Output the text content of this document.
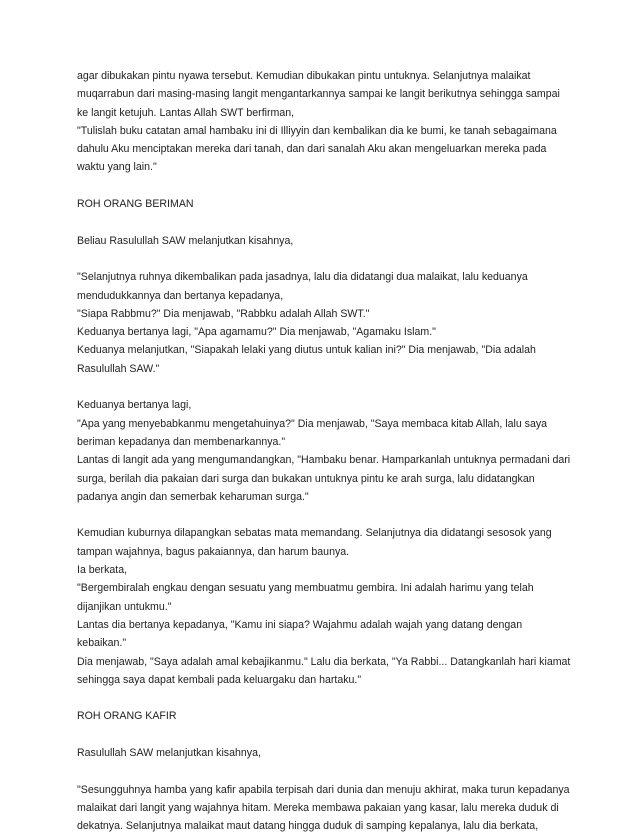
agar dibukakan pintu nyawa tersebut. Kemudian dibukakan pintu untuknya. Selanjutnya malaikat
muqarrabun dari masing-masing langit mengantarkannya sampai ke langit berikutnya sehingga sampai
ke langit ketujuh. Lantas Allah SWT berfirman,
"Tulislah buku catatan amal hambaku ini di Illiyyin dan kembalikan dia ke bumi, ke tanah sebagaimana
dahulu Aku menciptakan mereka dari tanah, dan dari sanalah Aku akan mengeluarkan mereka pada
waktu yang lain."
ROH ORANG BERIMAN
Beliau Rasulullah SAW melanjutkan kisahnya,
"Selanjutnya ruhnya dikembalikan pada jasadnya, lalu dia didatangi dua malaikat, lalu keduanya
mendudukkannya dan bertanya kepadanya,
"Siapa Rabbmu?" Dia menjawab, "Rabbku adalah Allah SWT."
Keduanya bertanya lagi, "Apa agamamu?" Dia menjawab, "Agamaku Islam."
Keduanya melanjutkan, "Siapakah lelaki yang diutus untuk kalian ini?" Dia menjawab, "Dia adalah
Rasulullah SAW."
Keduanya bertanya lagi,
"Apa yang menyebabkanmu mengetahuinya?" Dia menjawab, "Saya membaca kitab Allah, lalu saya
beriman kepadanya dan membenarkannya."
Lantas di langit ada yang mengumandangkan, "Hambaku benar. Hamparkanlah untuknya permadani dari
surga, berilah dia pakaian dari surga dan bukakan untuknya pintu ke arah surga, lalu didatangkan
padanya angin dan semerbak keharuman surga."
Kemudian kuburnya dilapangkan sebatas mata memandang. Selanjutnya dia didatangi sesosok yang
tampan wajahnya, bagus pakaiannya, dan harum baunya.
Ia berkata,
"Bergembiralah engkau dengan sesuatu yang membuatmu gembira. Ini adalah harimu yang telah
dijanjikan untukmu."
Lantas dia bertanya kepadanya, "Kamu ini siapa? Wajahmu adalah wajah yang datang dengan
kebaikan."
Dia menjawab, "Saya adalah amal kebajikanmu." Lalu dia berkata, "Ya Rabbi... Datangkanlah hari kiamat
sehingga saya dapat kembali pada keluargaku dan hartaku."
ROH ORANG KAFIR
Rasulullah SAW melanjutkan kisahnya,
"Sesungguhnya hamba yang kafir apabila terpisah dari dunia dan menuju akhirat, maka turun kepadanya
malaikat dari langit yang wajahnya hitam. Mereka membawa pakaian yang kasar, lalu mereka duduk di
dekatnya. Selanjutnya malaikat maut datang hingga duduk di samping kepalanya, lalu dia berkata,
